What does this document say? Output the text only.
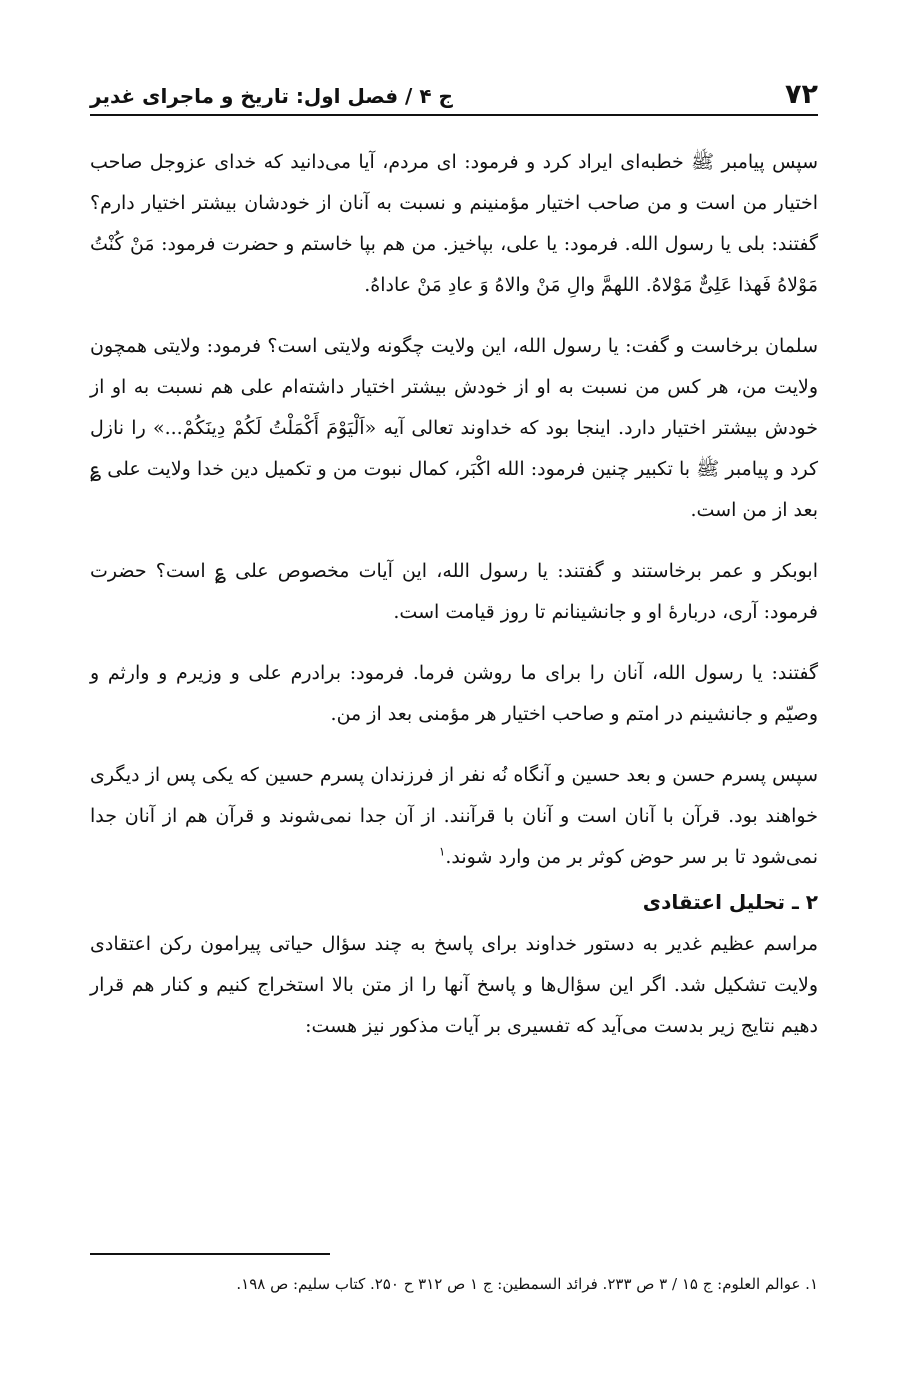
۷۲
ج ۴ / فصل اول: تاریخ و ماجرای غدیر

سپس پیامبر ﷺ خطبه‌ای ایراد کرد و فرمود: ای مردم، آیا می‌دانید که خدای عزوجل صاحب اختیار من است و من صاحب اختیار مؤمنینم و نسبت به آنان از خودشان بیشتر اختیار دارم؟ گفتند: بلی یا رسول الله. فرمود: یا علی، بپاخیز. من هم بپا خاستم و حضرت فرمود: مَنْ کُنْتُ مَوْلاهُ فَهذا عَلِیٌّ مَوْلاهُ. اللهمَّ والِ مَنْ والاهُ وَ عادِ مَنْ عاداهُ.

سلمان برخاست و گفت: یا رسول الله، این ولایت چگونه ولایتی است؟ فرمود: ولایتی همچون ولایت من، هر کس من نسبت به او از خودش بیشتر اختیار داشته‌ام علی هم نسبت به او از خودش بیشتر اختیار دارد. اینجا بود که خداوند تعالی آیه «اَلْیَوْمَ أَکْمَلْتُ لَکُمْ دِینَکُمْ...» را نازل کرد و پیامبر ﷺ با تکبیر چنین فرمود: الله اکْبَر، کمال نبوت من و تکمیل دین خدا ولایت علی ؏ بعد از من است.

ابوبکر و عمر برخاستند و گفتند: یا رسول الله، این آیات مخصوص علی ؏ است؟ حضرت فرمود: آری، دربارۀ او و جانشینانم تا روز قیامت است.

گفتند: یا رسول الله، آنان را برای ما روشن فرما. فرمود: برادرم علی و وزیرم و وارثم و وصیّم و جانشینم در امتم و صاحب اختیار هر مؤمنی بعد از من.

سپس پسرم حسن و بعد حسین و آنگاه نُه نفر از فرزندان پسرم حسین که یکی پس از دیگری خواهند بود. قرآن با آنان است و آنان با قرآنند. از آن جدا نمی‌شوند و قرآن هم از آنان جدا نمی‌شود تا بر سر حوض کوثر بر من وارد شوند.$^۱$

۲ ـ تحلیل اعتقادی

مراسم عظیم غدیر به دستور خداوند برای پاسخ به چند سؤال حیاتی پیرامون رکن اعتقادی ولایت تشکیل شد. اگر این سؤال‌ها و پاسخ آنها را از متن بالا استخراج کنیم و کنار هم قرار دهیم نتایج زیر بدست می‌آید که تفسیری بر آیات مذکور نیز هست:

۱. عوالم العلوم: ج ۱۵ / ۳ ص ۲۳۳. فرائد السمطین: ج ۱ ص ۳۱۲ ح ۲۵۰. کتاب سلیم: ص ۱۹۸.
